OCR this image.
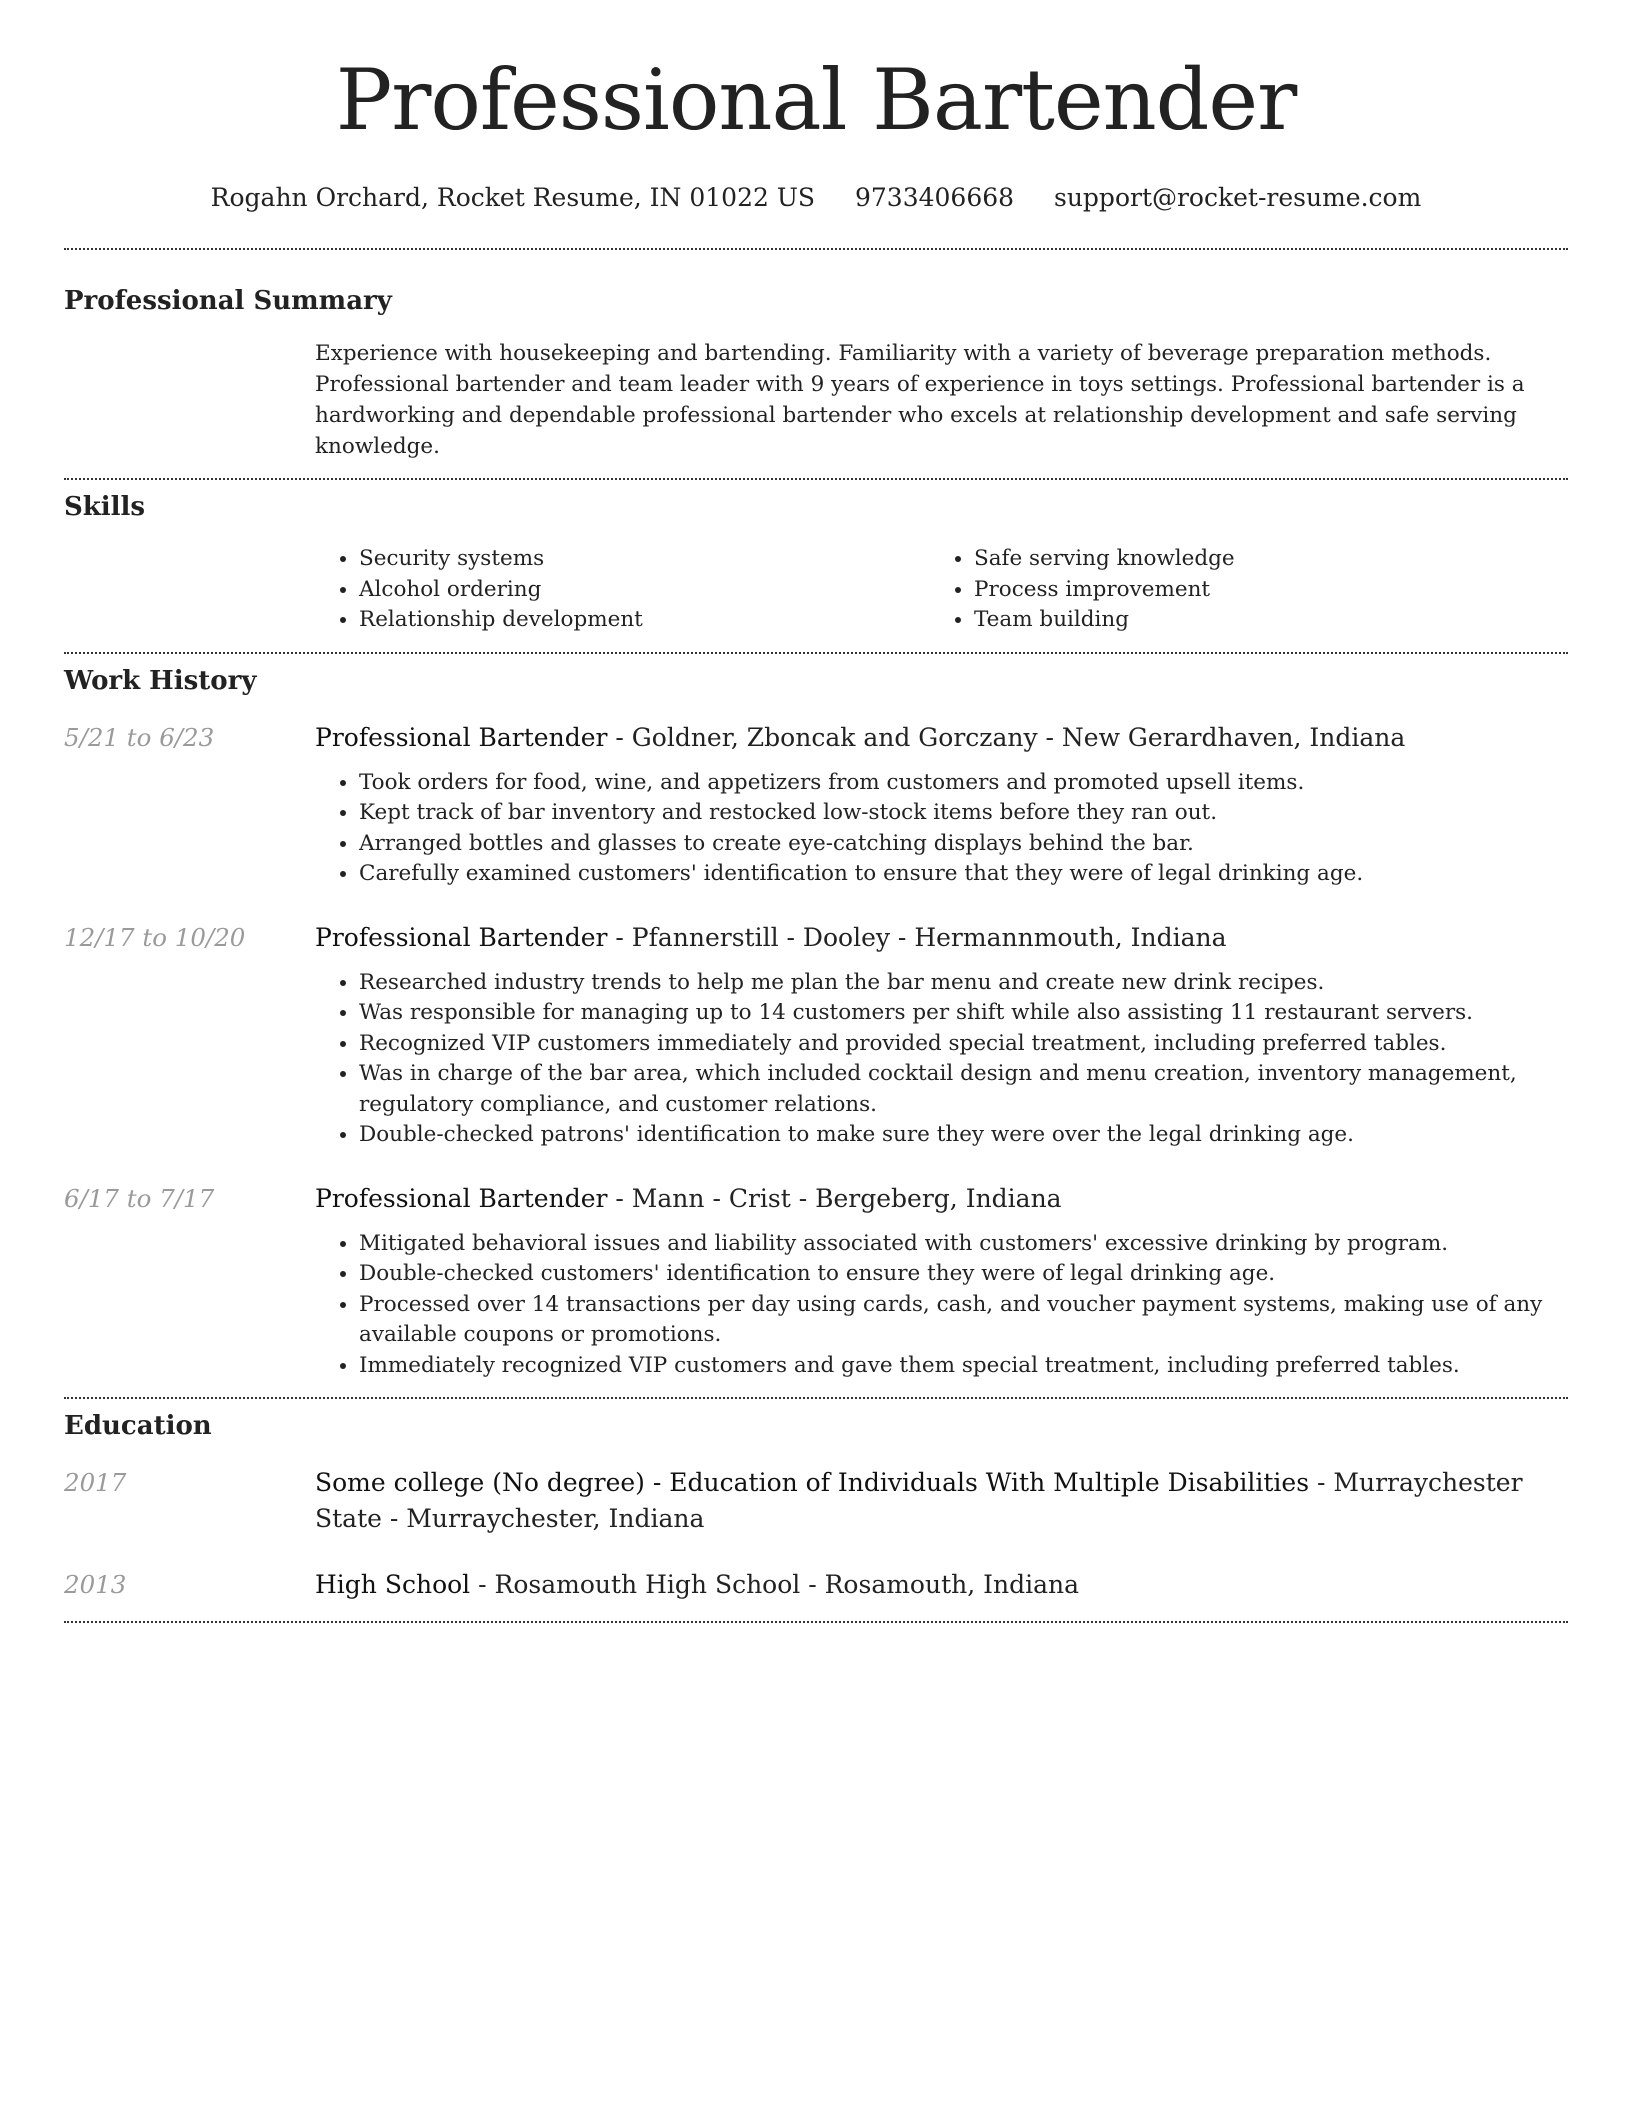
Professional Bartender
Rogahn Orchard, Rocket Resume, IN 01022 US 9733406668 support@rocket-resume.com
Professional Summary
Experience with housekeeping and bartending. Familiarity with a variety of beverage preparation methods. Professional bartender and team leader with 9 years of experience in toys settings. Professional bartender is a hardworking and dependable professional bartender who excels at relationship development and safe serving knowledge.
Skills
• Security systems
• Alcohol ordering
• Relationship development
• Safe serving knowledge
• Process improvement
• Team building
Work History
5/21 to 6/23	Professional Bartender - Goldner, Zboncak and Gorczany - New Gerardhaven, Indiana
• Took orders for food, wine, and appetizers from customers and promoted upsell items.
• Kept track of bar inventory and restocked low-stock items before they ran out.
• Arranged bottles and glasses to create eye-catching displays behind the bar.
• Carefully examined customers' identification to ensure that they were of legal drinking age.
12/17 to 10/20	Professional Bartender - Pfannerstill - Dooley - Hermannmouth, Indiana
• Researched industry trends to help me plan the bar menu and create new drink recipes.
• Was responsible for managing up to 14 customers per shift while also assisting 11 restaurant servers.
• Recognized VIP customers immediately and provided special treatment, including preferred tables.
• Was in charge of the bar area, which included cocktail design and menu creation, inventory management, regulatory compliance, and customer relations.
• Double-checked patrons' identification to make sure they were over the legal drinking age.
6/17 to 7/17	Professional Bartender - Mann - Crist - Bergeberg, Indiana
• Mitigated behavioral issues and liability associated with customers' excessive drinking by program.
• Double-checked customers' identification to ensure they were of legal drinking age.
• Processed over 14 transactions per day using cards, cash, and voucher payment systems, making use of any available coupons or promotions.
• Immediately recognized VIP customers and gave them special treatment, including preferred tables.
Education
2017	Some college (No degree) - Education of Individuals With Multiple Disabilities - Murraychester State - Murraychester, Indiana
2013	High School - Rosamouth High School - Rosamouth, Indiana
